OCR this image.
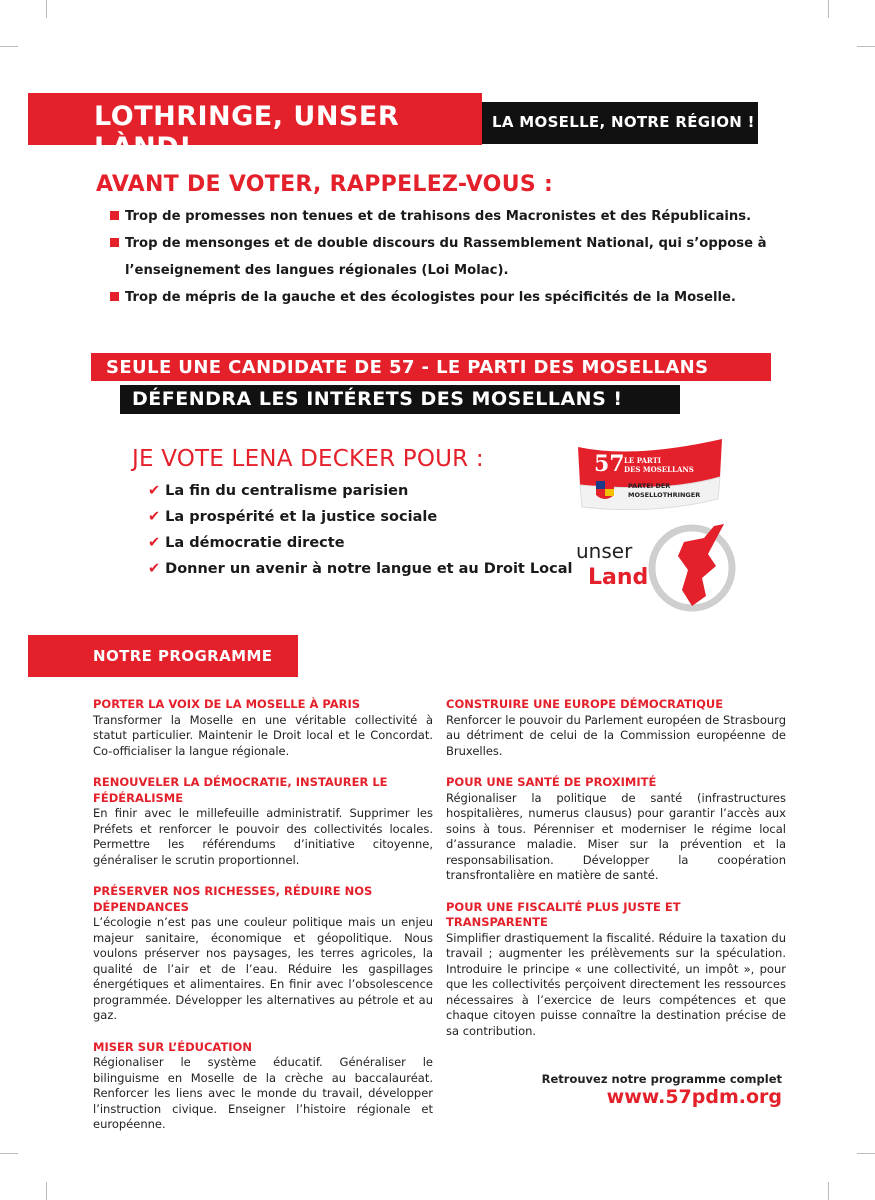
LOTHRINGE, UNSER LÀND!
LA MOSELLE, NOTRE RÉGION !
AVANT DE VOTER, RAPPELEZ-VOUS :
Trop de promesses non tenues et de trahisons des Macronistes et des Républicains.
Trop de mensonges et de double discours du Rassemblement National, qui s’oppose à
l’enseignement des langues régionales (Loi Molac).
Trop de mépris de la gauche et des écologistes pour les spécificités de la Moselle.
SEULE UNE CANDIDATE DE 57 - LE PARTI DES MOSELLANS
DÉFENDRA LES INTÉRETS DES MOSELLANS !
JE VOTE LENA DECKER POUR :
✔ La fin du centralisme parisien
✔ La prospérité et la justice sociale
✔ La démocratie directe
✔ Donner un avenir à notre langue et au Droit Local
57 LE PARTI
DES MOSELLANS
PARTEI DER
MOSELLOTHRINGER
unser
Land
NOTRE PROGRAMME
PORTER LA VOIX DE LA MOSELLE À PARIS
Transformer la Moselle en une véritable collectivité à statut particulier. Maintenir le Droit local et le Concordat. Co-officialiser la langue régionale.
RENOUVELER LA DÉMOCRATIE, INSTAURER LE FÉDÉRALISME
En finir avec le millefeuille administratif. Supprimer les Préfets et renforcer le pouvoir des collectivités locales. Permettre les référendums d’initiative citoyenne, généraliser le scrutin proportionnel.
PRÉSERVER NOS RICHESSES, RÉDUIRE NOS DÉPENDANCES
L’écologie n’est pas une couleur politique mais un enjeu majeur sanitaire, économique et géopolitique. Nous voulons préserver nos paysages, les terres agricoles, la qualité de l’air et de l’eau. Réduire les gaspillages énergétiques et alimentaires. En finir avec l’obsolescence programmée. Développer les alternatives au pétrole et au gaz.
MISER SUR L’ÉDUCATION
Régionaliser le système éducatif. Généraliser le bilinguisme en Moselle de la crèche au baccalauréat. Renforcer les liens avec le monde du travail, développer l’instruction civique. Enseigner l’histoire régionale et européenne.
CONSTRUIRE UNE EUROPE DÉMOCRATIQUE
Renforcer le pouvoir du Parlement européen de Strasbourg au détriment de celui de la Commission européenne de Bruxelles.
POUR UNE SANTÉ DE PROXIMITÉ
Régionaliser la politique de santé (infrastructures hospitalières, numerus clausus) pour garantir l’accès aux soins à tous. Pérenniser et moderniser le régime local d’assurance maladie. Miser sur la prévention et la responsabilisation. Développer la coopération transfrontalière en matière de santé.
POUR UNE FISCALITÉ PLUS JUSTE ET TRANSPARENTE
Simplifier drastiquement la fiscalité. Réduire la taxation du travail ; augmenter les prélèvements sur la spéculation. Introduire le principe « une collectivité, un impôt », pour que les collectivités perçoivent directement les ressources nécessaires à l’exercice de leurs compétences et que chaque citoyen puisse connaître la destination précise de sa contribution.
Retrouvez notre programme complet
www.57pdm.org
